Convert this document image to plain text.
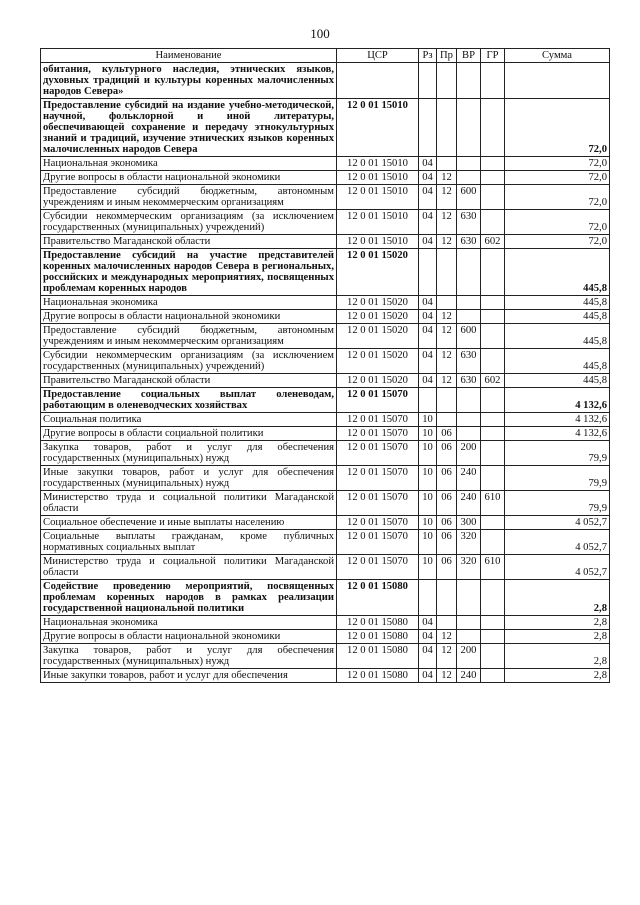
100
Наименование	ЦСР	Рз	Пр	ВР	ГР	Сумма
обитания, культурного наследия, этнических языков, духовных традиций и культуры коренных малочисленных народов Севера»						
Предоставление субсидий на издание учебно-методической, научной, фольклорной и иной литературы, обеспечивающей сохранение и передачу этнокультурных знаний и традиций, изучение этнических языков коренных малочисленных народов Севера	12 0 01 15010					72,0
Национальная экономика	12 0 01 15010	04				72,0
Другие вопросы в области национальной экономики	12 0 01 15010	04	12			72,0
Предоставление субсидий бюджетным, автономным учреждениям и иным некоммерческим организациям	12 0 01 15010	04	12	600		72,0
Субсидии некоммерческим организациям (за исключением государственных (муниципальных) учреждений)	12 0 01 15010	04	12	630		72,0
Правительство Магаданской области	12 0 01 15010	04	12	630	602	72,0
Предоставление субсидий на участие представителей коренных малочисленных народов Севера в региональных, российских и международных мероприятиях, посвященных проблемам коренных народов	12 0 01 15020					445,8
Национальная экономика	12 0 01 15020	04				445,8
Другие вопросы в области национальной экономики	12 0 01 15020	04	12			445,8
Предоставление субсидий бюджетным, автономным учреждениям и иным некоммерческим организациям	12 0 01 15020	04	12	600		445,8
Субсидии некоммерческим организациям (за исключением государственных (муниципальных) учреждений)	12 0 01 15020	04	12	630		445,8
Правительство Магаданской области	12 0 01 15020	04	12	630	602	445,8
Предоставление социальных выплат оленеводам, работающим в оленеводческих хозяйствах	12 0 01 15070					4 132,6
Социальная политика	12 0 01 15070	10				4 132,6
Другие вопросы в области социальной политики	12 0 01 15070	10	06			4 132,6
Закупка товаров, работ и услуг для обеспечения государственных (муниципальных) нужд	12 0 01 15070	10	06	200		79,9
Иные закупки товаров, работ и услуг для обеспечения государственных (муниципальных) нужд	12 0 01 15070	10	06	240		79,9
Министерство труда и социальной политики Магаданской области	12 0 01 15070	10	06	240	610	79,9
Социальное обеспечение и иные выплаты населению	12 0 01 15070	10	06	300		4 052,7
Социальные выплаты гражданам, кроме публичных нормативных социальных выплат	12 0 01 15070	10	06	320		4 052,7
Министерство труда и социальной политики Магаданской области	12 0 01 15070	10	06	320	610	4 052,7
Содействие проведению мероприятий, посвященных проблемам коренных народов в рамках реализации государственной национальной политики	12 0 01 15080					2,8
Национальная экономика	12 0 01 15080	04				2,8
Другие вопросы в области национальной экономики	12 0 01 15080	04	12			2,8
Закупка товаров, работ и услуг для обеспечения государственных (муниципальных) нужд	12 0 01 15080	04	12	200		2,8
Иные закупки товаров, работ и услуг для обеспечения	12 0 01 15080	04	12	240		2,8
